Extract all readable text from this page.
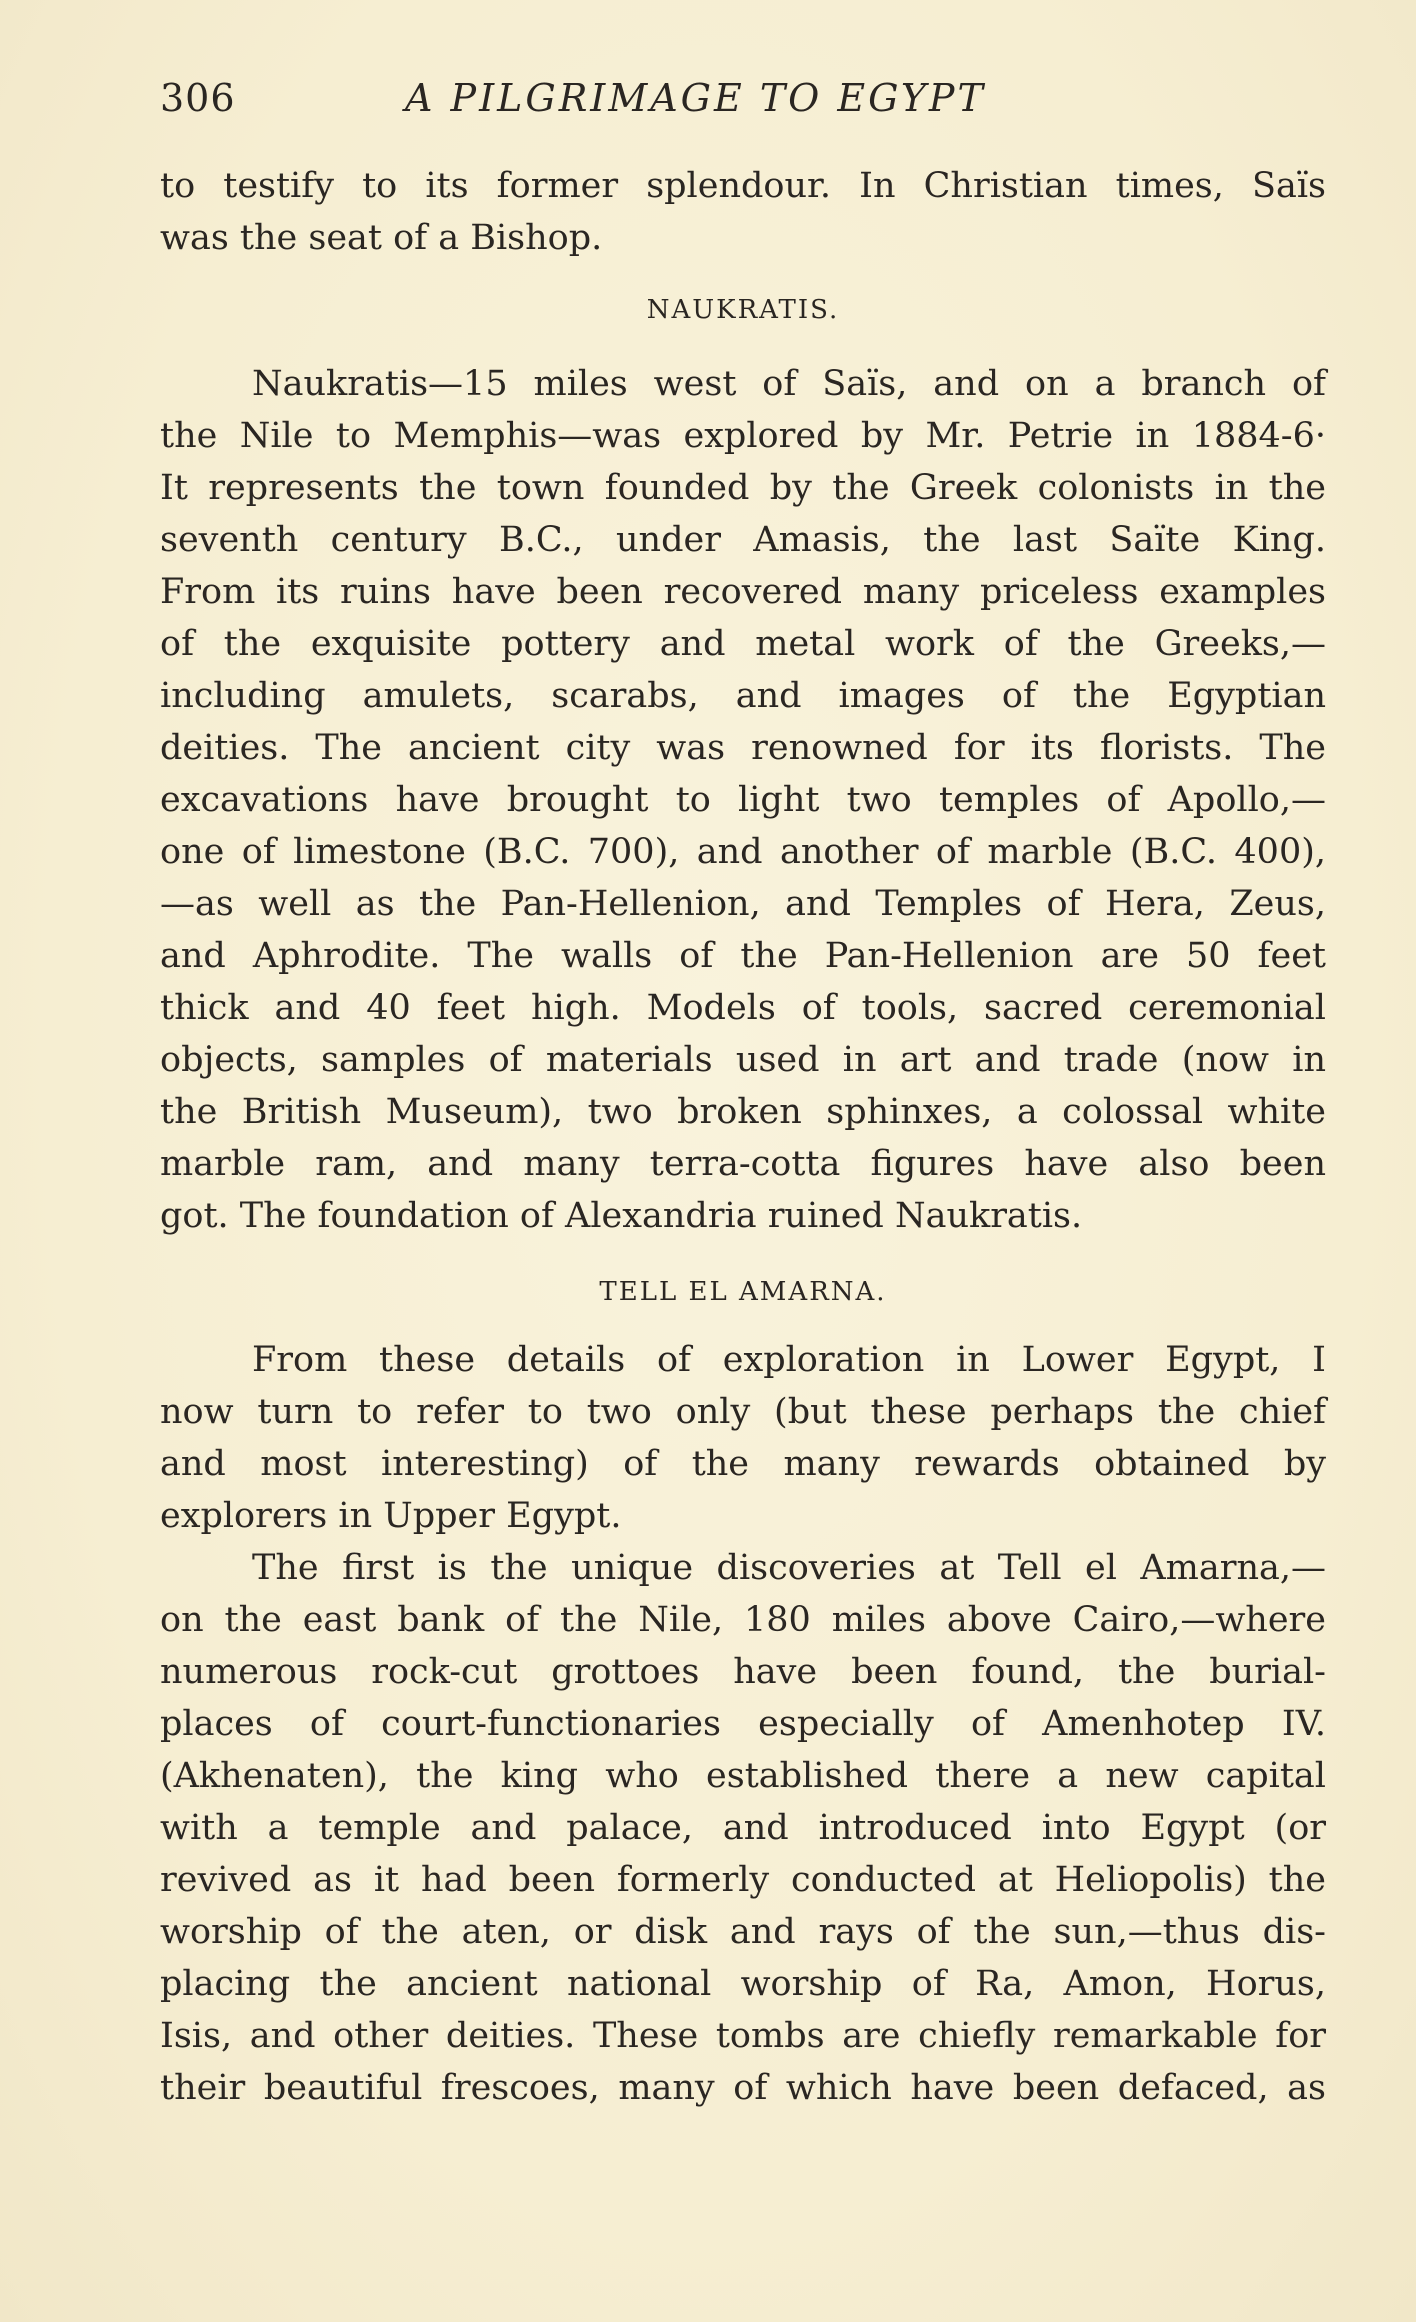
306	A PILGRIMAGE TO EGYPT
to testify to its former splendour. In Christian times, Saïs
was the seat of a Bishop.
NAUKRATIS.
Naukratis—15 miles west of Saïs, and on a branch of
the Nile to Memphis—was explored by Mr. Petrie in 1884-6·
It represents the town founded by the Greek colonists in the
seventh century B.C., under Amasis, the last Saïte King.
From its ruins have been recovered many priceless examples
of the exquisite pottery and metal work of the Greeks,—
including amulets, scarabs, and images of the Egyptian
deities. The ancient city was renowned for its florists. The
excavations have brought to light two temples of Apollo,—
one of limestone (B.C. 700), and another of marble (B.C. 400),
—as well as the Pan-Hellenion, and Temples of Hera, Zeus,
and Aphrodite. The walls of the Pan-Hellenion are 50 feet
thick and 40 feet high. Models of tools, sacred ceremonial
objects, samples of materials used in art and trade (now in
the British Museum), two broken sphinxes, a colossal white
marble ram, and many terra-cotta figures have also been
got. The foundation of Alexandria ruined Naukratis.
TELL EL AMARNA.
From these details of exploration in Lower Egypt, I
now turn to refer to two only (but these perhaps the chief
and most interesting) of the many rewards obtained by
explorers in Upper Egypt.
The first is the unique discoveries at Tell el Amarna,—
on the east bank of the Nile, 180 miles above Cairo,—where
numerous rock-cut grottoes have been found, the burial-
places of court-functionaries especially of Amenhotep IV.
(Akhenaten), the king who established there a new capital
with a temple and palace, and introduced into Egypt (or
revived as it had been formerly conducted at Heliopolis) the
worship of the aten, or disk and rays of the sun,—thus dis-
placing the ancient national worship of Ra, Amon, Horus,
Isis, and other deities. These tombs are chiefly remarkable for
their beautiful frescoes, many of which have been defaced, as
